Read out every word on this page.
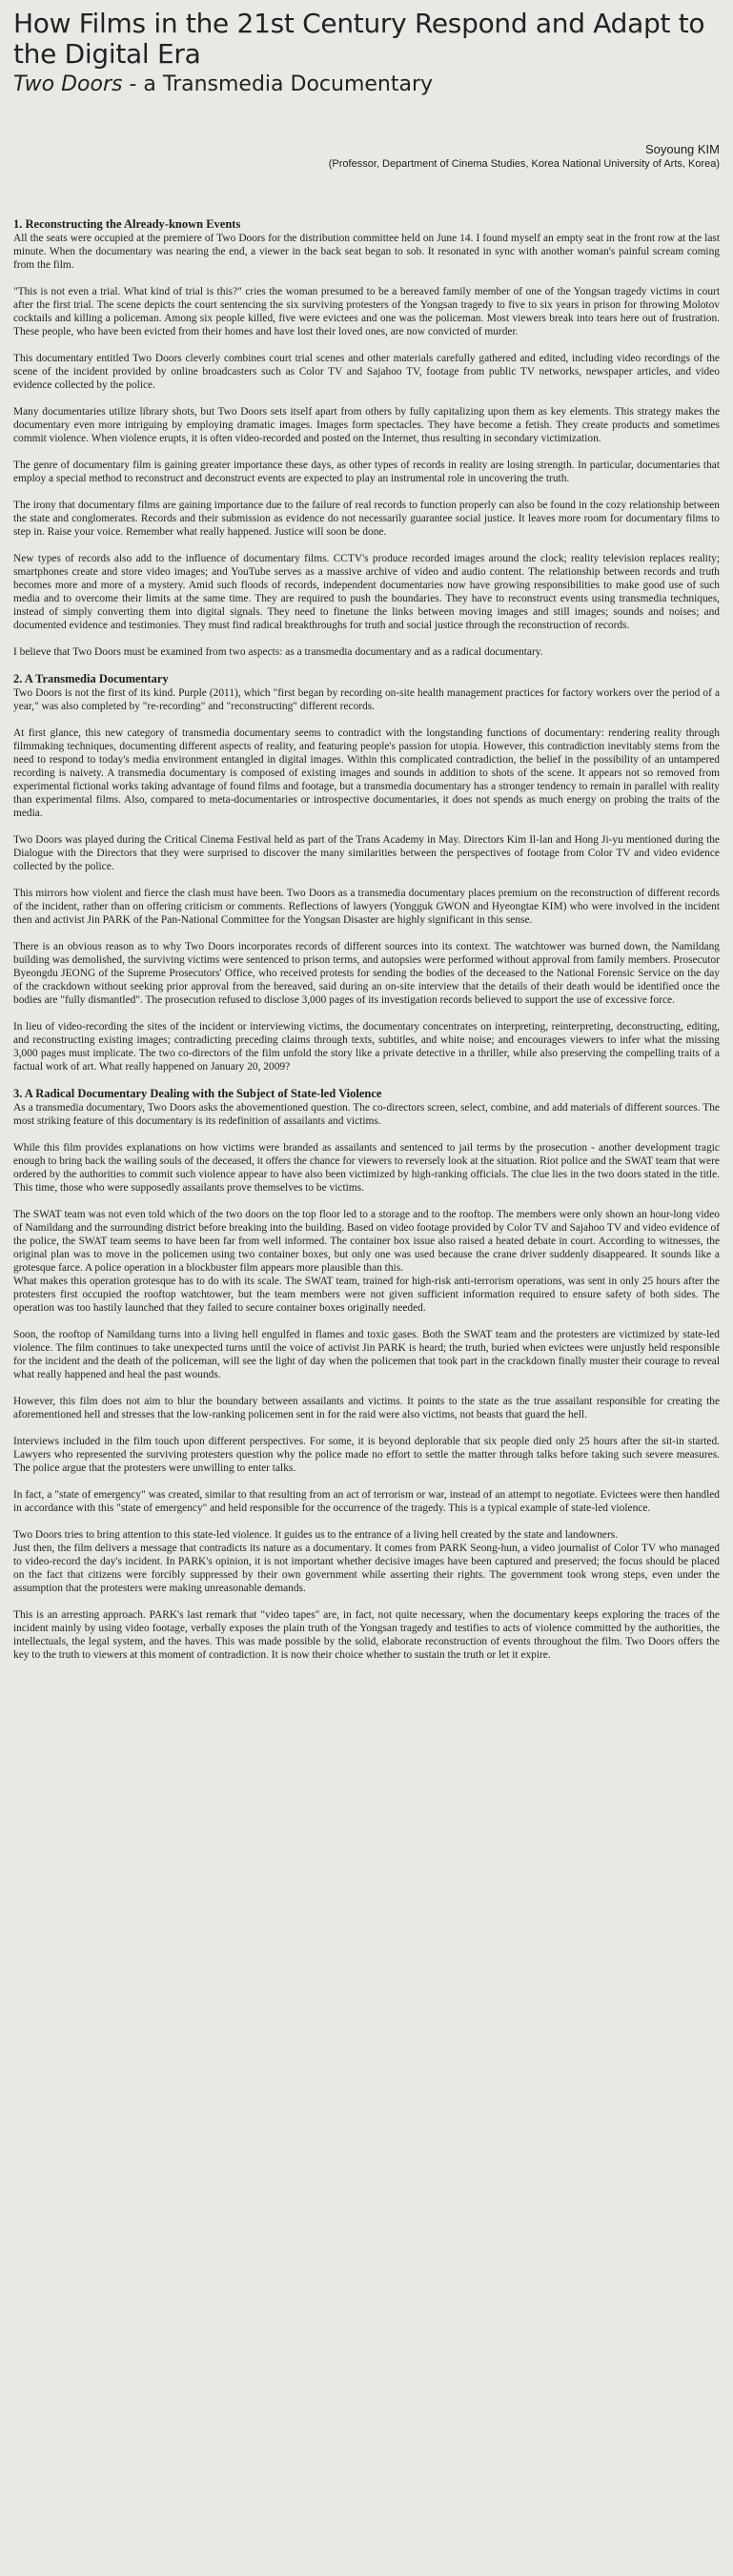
How Films in the 21st Century Respond and Adapt to the Digital Era
Two Doors - a Transmedia Documentary
Soyoung KIM
(Professor, Department of Cinema Studies, Korea National University of Arts, Korea)
1. Reconstructing the Already-known Events

All the seats were occupied at the premiere of Two Doors for the distribution committee held on June 14. I found myself an empty seat in the front row at the last minute. When the documentary was nearing the end, a viewer in the back seat began to sob. It resonated in sync with another woman's painful scream coming from the film.

"This is not even a trial. What kind of trial is this?" cries the woman presumed to be a bereaved family member of one of the Yongsan tragedy victims in court after the first trial. The scene depicts the court sentencing the six surviving protesters of the Yongsan tragedy to five to six years in prison for throwing Molotov cocktails and killing a policeman. Among six people killed, five were evictees and one was the policeman. Most viewers break into tears here out of frustration. These people, who have been evicted from their homes and have lost their loved ones, are now convicted of murder.

This documentary entitled Two Doors cleverly combines court trial scenes and other materials carefully gathered and edited, including video recordings of the scene of the incident provided by online broadcasters such as Color TV and Sajahoo TV, footage from public TV networks, newspaper articles, and video evidence collected by the police.

Many documentaries utilize library shots, but Two Doors sets itself apart from others by fully capitalizing upon them as key elements. This strategy makes the documentary even more intriguing by employing dramatic images. Images form spectacles. They have become a fetish. They create products and sometimes commit violence. When violence erupts, it is often video-recorded and posted on the Internet, thus resulting in secondary victimization.

The genre of documentary film is gaining greater importance these days, as other types of records in reality are losing strength. In particular, documentaries that employ a special method to reconstruct and deconstruct events are expected to play an instrumental role in uncovering the truth.

The irony that documentary films are gaining importance due to the failure of real records to function properly can also be found in the cozy relationship between the state and conglomerates. Records and their submission as evidence do not necessarily guarantee social justice. It leaves more room for documentary films to step in. Raise your voice. Remember what really happened. Justice will soon be done.

New types of records also add to the influence of documentary films. CCTV's produce recorded images around the clock; reality television replaces reality; smartphones create and store video images; and YouTube serves as a massive archive of video and audio content. The relationship between records and truth becomes more and more of a mystery. Amid such floods of records, independent documentaries now have growing responsibilities to make good use of such media and to overcome their limits at the same time. They are required to push the boundaries. They have to reconstruct events using transmedia techniques, instead of simply converting them into digital signals. They need to finetune the links between moving images and still images; sounds and noises; and documented evidence and testimonies. They must find radical breakthroughs for truth and social justice through the reconstruction of records.

I believe that Two Doors must be examined from two aspects: as a transmedia documentary and as a radical documentary.

2. A Transmedia Documentary

Two Doors is not the first of its kind. Purple (2011), which "first began by recording on-site health management practices for factory workers over the period of a year," was also completed by "re-recording" and "reconstructing" different records.

At first glance, this new category of transmedia documentary seems to contradict with the longstanding functions of documentary: rendering reality through filmmaking techniques, documenting different aspects of reality, and featuring people's passion for utopia. However, this contradiction inevitably stems from the need to respond to today's media environment entangled in digital images. Within this complicated contradiction, the belief in the possibility of an untampered recording is naivety. A transmedia documentary is composed of existing images and sounds in addition to shots of the scene. It appears not so removed from experimental fictional works taking advantage of found films and footage, but a transmedia documentary has a stronger tendency to remain in parallel with reality than experimental films. Also, compared to meta-documentaries or introspective documentaries, it does not spends as much energy on probing the traits of the media.

Two Doors was played during the Critical Cinema Festival held as part of the Trans Academy in May. Directors Kim Il-lan and Hong Ji-yu mentioned during the Dialogue with the Directors that they were surprised to discover the many similarities between the perspectives of footage from Color TV and video evidence collected by the police.

This mirrors how violent and fierce the clash must have been. Two Doors as a transmedia documentary places premium on the reconstruction of different records of the incident, rather than on offering criticism or comments. Reflections of lawyers (Yongguk GWON and Hyeongtae KIM) who were involved in the incident then and activist Jin PARK of the Pan-National Committee for the Yongsan Disaster are highly significant in this sense.

There is an obvious reason as to why Two Doors incorporates records of different sources into its context. The watchtower was burned down, the Namildang building was demolished, the surviving victims were sentenced to prison terms, and autopsies were performed without approval from family members. Prosecutor Byeongdu JEONG of the Supreme Prosecutors' Office, who received protests for sending the bodies of the deceased to the National Forensic Service on the day of the crackdown without seeking prior approval from the bereaved, said during an on-site interview that the details of their death would be identified once the bodies are "fully dismantled". The prosecution refused to disclose 3,000 pages of its investigation records believed to support the use of excessive force.

In lieu of video-recording the sites of the incident or interviewing victims, the documentary concentrates on interpreting, reinterpreting, deconstructing, editing, and reconstructing existing images; contradicting preceding claims through texts, subtitles, and white noise; and encourages viewers to infer what the missing 3,000 pages must implicate. The two co-directors of the film unfold the story like a private detective in a thriller, while also preserving the compelling traits of a factual work of art. What really happened on January 20, 2009?

3. A Radical Documentary Dealing with the Subject of State-led Violence

As a transmedia documentary, Two Doors asks the abovementioned question. The co-directors screen, select, combine, and add materials of different sources. The most striking feature of this documentary is its redefinition of assailants and victims.

While this film provides explanations on how victims were branded as assailants and sentenced to jail terms by the prosecution - another development tragic enough to bring back the wailing souls of the deceased, it offers the chance for viewers to reversely look at the situation. Riot police and the SWAT team that were ordered by the authorities to commit such violence appear to have also been victimized by high-ranking officials. The clue lies in the two doors stated in the title. This time, those who were supposedly assailants prove themselves to be victims.

The SWAT team was not even told which of the two doors on the top floor led to a storage and to the rooftop. The members were only shown an hour-long video of Namildang and the surrounding district before breaking into the building. Based on video footage provided by Color TV and Sajahoo TV and video evidence of the police, the SWAT team seems to have been far from well informed. The container box issue also raised a heated debate in court. According to witnesses, the original plan was to move in the policemen using two container boxes, but only one was used because the crane driver suddenly disappeared. It sounds like a grotesque farce. A police operation in a blockbuster film appears more plausible than this.

What makes this operation grotesque has to do with its scale. The SWAT team, trained for high-risk anti-terrorism operations, was sent in only 25 hours after the protesters first occupied the rooftop watchtower, but the team members were not given sufficient information required to ensure safety of both sides. The operation was too hastily launched that they failed to secure container boxes originally needed.

Soon, the rooftop of Namildang turns into a living hell engulfed in flames and toxic gases. Both the SWAT team and the protesters are victimized by state-led violence. The film continues to take unexpected turns until the voice of activist Jin PARK is heard; the truth, buried when evictees were unjustly held responsible for the incident and the death of the policeman, will see the light of day when the policemen that took part in the crackdown finally muster their courage to reveal what really happened and heal the past wounds.

However, this film does not aim to blur the boundary between assailants and victims. It points to the state as the true assailant responsible for creating the aforementioned hell and stresses that the low-ranking policemen sent in for the raid were also victims, not beasts that guard the hell.

Interviews included in the film touch upon different perspectives. For some, it is beyond deplorable that six people died only 25 hours after the sit-in started. Lawyers who represented the surviving protesters question why the police made no effort to settle the matter through talks before taking such severe measures. The police argue that the protesters were unwilling to enter talks.

In fact, a "state of emergency" was created, similar to that resulting from an act of terrorism or war, instead of an attempt to negotiate. Evictees were then handled in accordance with this "state of emergency" and held responsible for the occurrence of the tragedy. This is a typical example of state-led violence.

Two Doors tries to bring attention to this state-led violence. It guides us to the entrance of a living hell created by the state and landowners.

Just then, the film delivers a message that contradicts its nature as a documentary. It comes from PARK Seong-hun, a video journalist of Color TV who managed to video-record the day's incident. In PARK's opinion, it is not important whether decisive images have been captured and preserved; the focus should be placed on the fact that citizens were forcibly suppressed by their own government while asserting their rights. The government took wrong steps, even under the assumption that the protesters were making unreasonable demands.

This is an arresting approach. PARK's last remark that "video tapes" are, in fact, not quite necessary, when the documentary keeps exploring the traces of the incident mainly by using video footage, verbally exposes the plain truth of the Yongsan tragedy and testifies to acts of violence committed by the authorities, the intellectuals, the legal system, and the haves. This was made possible by the solid, elaborate reconstruction of events throughout the film. Two Doors offers the key to the truth to viewers at this moment of contradiction. It is now their choice whether to sustain the truth or let it expire.
